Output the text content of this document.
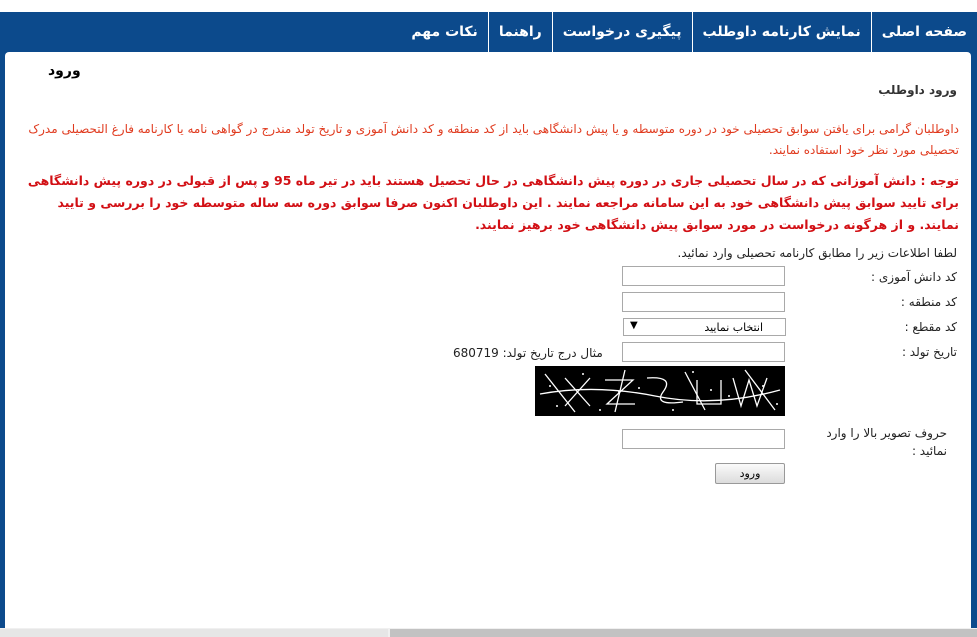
صفحه اصلی
نمایش کارنامه داوطلب
پیگیری درخواست
راهنما
نکات مهم
ورود
ورود داوطلب
داوطلبان گرامی برای یافتن سوابق تحصیلی خود در دوره متوسطه و یا پیش دانشگاهی باید از کد منطقه و کد دانش آموزی و تاریخ تولد مندرج در گواهی نامه یا کارنامه فارغ التحصیلی مدرک تحصیلی مورد نظر خود استفاده نمایند.
توجه : دانش آموزانی که در سال تحصیلی جاری در دوره پیش دانشگاهی در حال تحصیل هستند باید در تیر ماه 95 و پس از قبولی در دوره پیش دانشگاهی برای تایید سوابق پیش دانشگاهی خود به این سامانه مراجعه نمایند . این داوطلبان اکنون صرفا سوابق دوره سه ساله متوسطه خود را بررسی و تایید نمایند. و از هرگونه درخواست در مورد سوابق پیش دانشگاهی خود برهیز نمایند.
لطفا اطلاعات زیر را مطابق کارنامه تحصیلی وارد نمائید.
کد دانش آموزی :
کد منطقه :
کد مقطع :
انتخاب نمایید
▼
تاریخ تولد :
مثال درج تاریخ تولد: 680719
حروف تصویر بالا را وارد نمائید :
ورود
